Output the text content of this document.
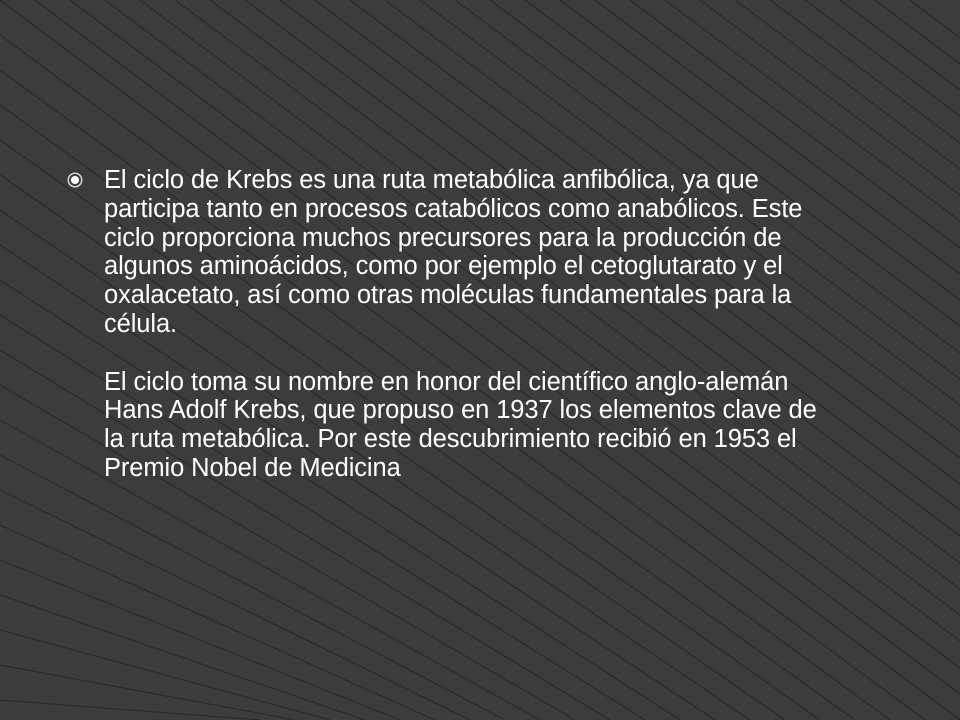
El ciclo de Krebs es una ruta metabólica anfibólica, ya que participa tanto en procesos catabólicos como anabólicos. Este ciclo proporciona muchos precursores para la producción de algunos aminoácidos, como por ejemplo el cetoglutarato y el oxalacetato, así como otras moléculas fundamentales para la célula.

El ciclo toma su nombre en honor del científico anglo-alemán Hans Adolf Krebs, que propuso en 1937 los elementos clave de la ruta metabólica. Por este descubrimiento recibió en 1953 el Premio Nobel de Medicina
